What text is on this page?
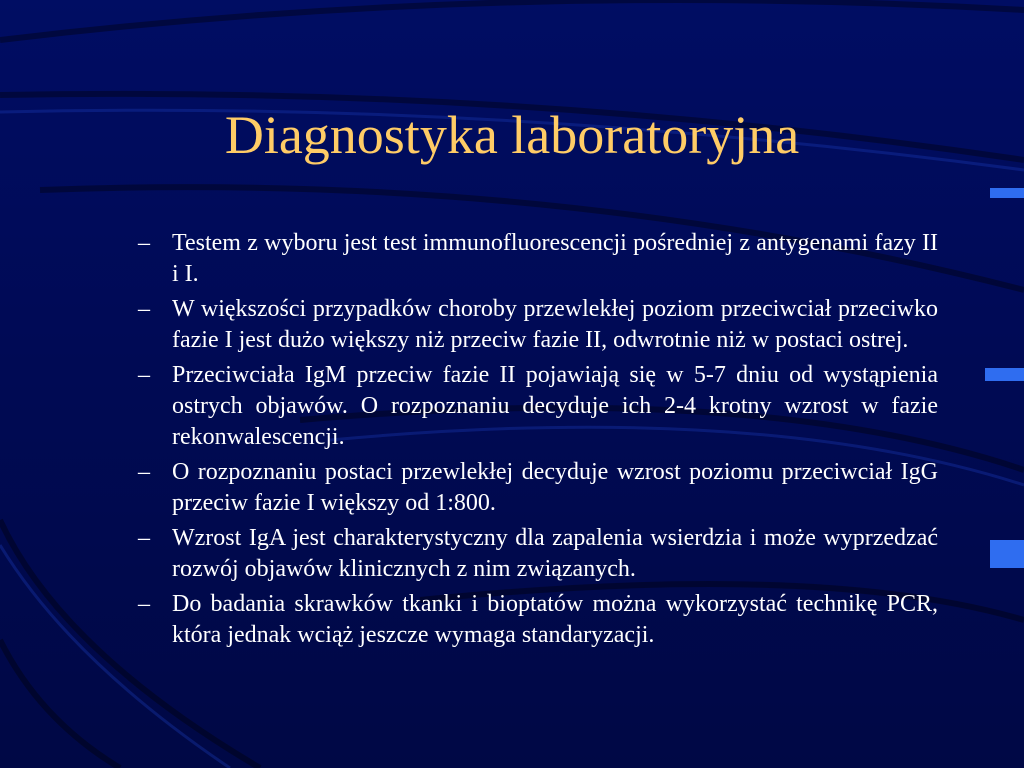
Diagnostyka laboratoryjna
– Testem z wyboru jest test immunofluorescencji pośredniej z antygenami fazy II i I.
– W większości przypadków choroby przewlekłej poziom przeciwciał przeciwko fazie I jest dużo większy niż przeciw fazie II, odwrotnie niż w postaci ostrej.
– Przeciwciała IgM przeciw fazie II pojawiają się w 5-7 dniu od wystąpienia ostrych objawów. O rozpoznaniu decyduje ich 2-4 krotny wzrost w fazie rekonwalescencji.
– O rozpoznaniu postaci przewlekłej decyduje wzrost poziomu przeciwciał IgG przeciw fazie I większy od 1:800.
– Wzrost IgA jest charakterystyczny dla zapalenia wsierdzia i może wyprzedzać rozwój objawów klinicznych z nim związanych.
– Do badania skrawków tkanki i bioptatów można wykorzystać technikę PCR, która jednak wciąż jeszcze wymaga standaryzacji.
